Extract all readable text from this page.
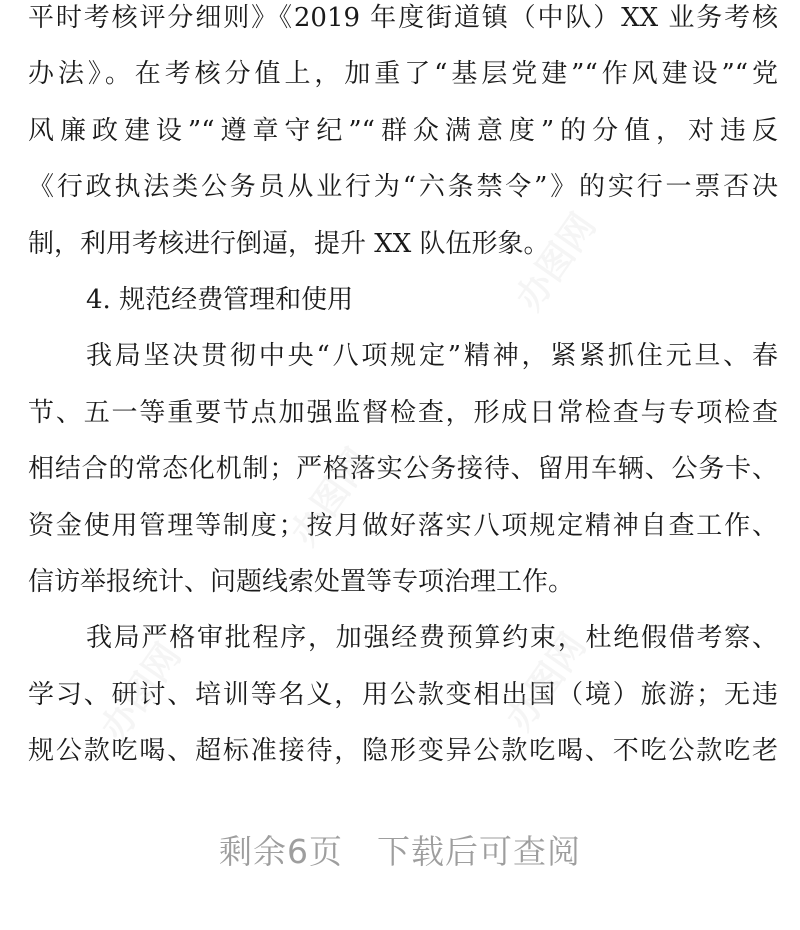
平时考核评分细则》《2019 年度街道镇（中队）XX 业务考核
办法》。在考核分值上，加重了“基层党建”“作风建设”“党
风廉政建设”“遵章守纪”“群众满意度”的分值，对违反
《行政执法类公务员从业行为“六条禁令”》的实行一票否决
制，利用考核进行倒逼，提升 XX 队伍形象。
4. 规范经费管理和使用
我局坚决贯彻中央“八项规定”精神，紧紧抓住元旦、春
节、五一等重要节点加强监督检查，形成日常检查与专项检查
相结合的常态化机制；严格落实公务接待、留用车辆、公务卡、
资金使用管理等制度；按月做好落实八项规定精神自查工作、
信访举报统计、问题线索处置等专项治理工作。
我局严格审批程序，加强经费预算约束，杜绝假借考察、
学习、研讨、培训等名义，用公款变相出国（境）旅游；无违
规公款吃喝、超标准接待，隐形变异公款吃喝、不吃公款吃老
办图网
办图网
办图网	办图网
剩余6页 下载后可查阅
